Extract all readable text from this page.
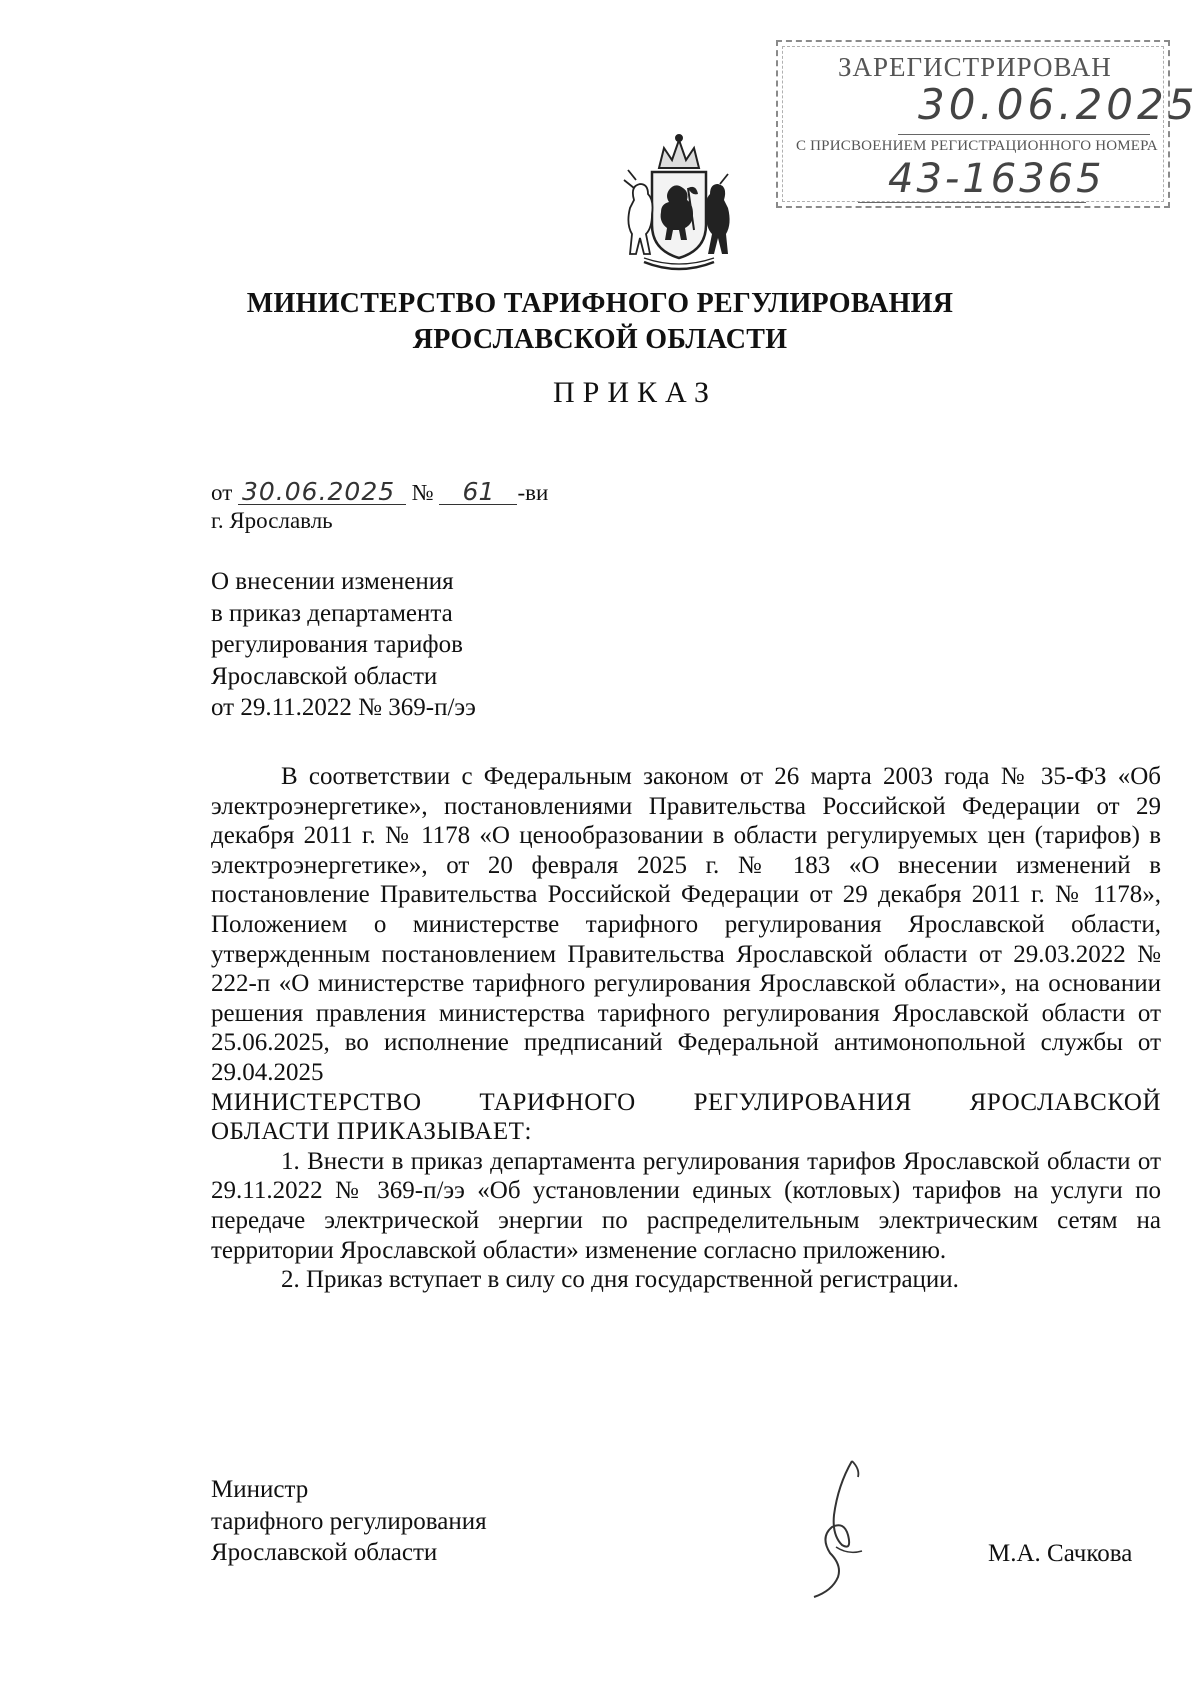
ЗАРЕГИСТРИРОВАН
30.06.2025
С ПРИСВОЕНИЕМ РЕГИСТРАЦИОННОГО НОМЕРА
43-16365
МИНИСТЕРСТВО ТАРИФНОГО РЕГУЛИРОВАНИЯ
ЯРОСЛАВСКОЙ ОБЛАСТИ
ПРИКАЗ
от 30.06.2025 № 61 -ви
г. Ярославль
О внесении изменения
в приказ департамента
регулирования тарифов
Ярославской области
от 29.11.2022 № 369-п/ээ

В соответствии с Федеральным законом от 26 марта 2003 года № 35-ФЗ «Об электроэнергетике», постановлениями Правительства Российской Федерации от 29 декабря 2011 г. № 1178 «О ценообразовании в области регулируемых цен (тарифов) в электроэнергетике», от 20 февраля 2025 г. № 183 «О внесении изменений в постановление Правительства Российской Федерации от 29 декабря 2011 г. № 1178», Положением о министерстве тарифного регулирования Ярославской области, утвержденным постановлением Правительства Ярославской области от 29.03.2022 № 222-п «О министерстве тарифного регулирования Ярославской области», на основании решения правления министерства тарифного регулирования Ярославской области от 25.06.2025, во исполнение предписаний Федеральной антимонопольной службы от 29.04.2025

МИНИСТЕРСТВО ТАРИФНОГО РЕГУЛИРОВАНИЯ ЯРОСЛАВСКОЙ

ОБЛАСТИ ПРИКАЗЫВАЕТ:

1. Внести в приказ департамента регулирования тарифов Ярославской области от 29.11.2022 № 369-п/ээ «Об установлении единых (котловых) тарифов на услуги по передаче электрической энергии по распределительным электрическим сетям на территории Ярославской области» изменение согласно приложению.

2. Приказ вступает в силу со дня государственной регистрации.

Министр
тарифного регулирования
Ярославской области	М.А. Сачкова
